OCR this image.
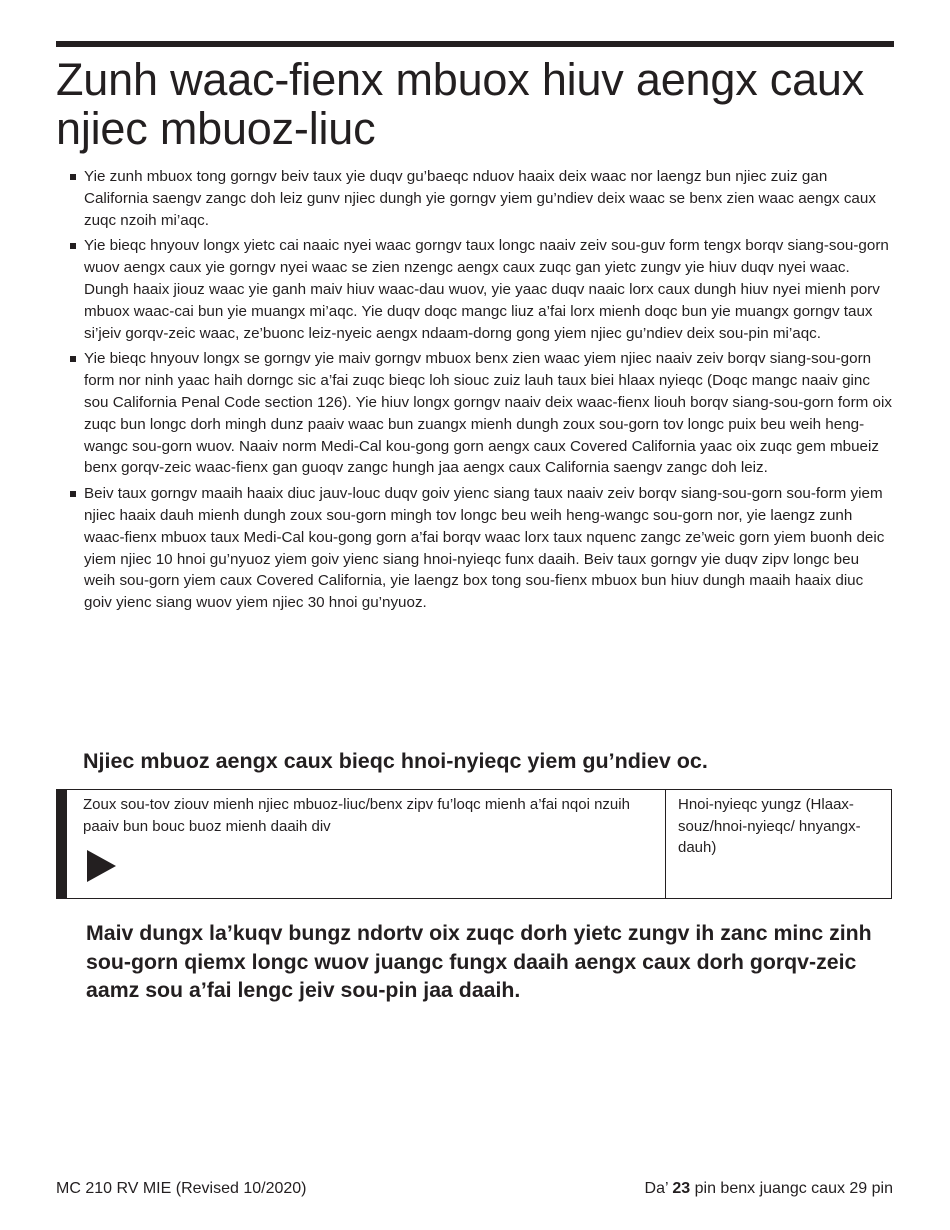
Zunh waac-fienx mbuox hiuv aengx caux njiec mbuoz-liuc
Yie zunh mbuox tong gorngv beiv taux yie duqv gu’baeqc nduov haaix deix waac nor laengz bun njiec zuiz gan California saengv zangc doh leiz gunv njiec dungh yie gorngv yiem gu’ndiev deix waac se benx zien waac aengx caux zuqc nzoih mi’aqc.
Yie bieqc hnyouv longx yietc cai naaic nyei waac gorngv taux longc naaiv zeiv sou-guv form tengx borqv siang-sou-gorn wuov aengx caux yie gorngv nyei waac se zien nzengc aengx caux zuqc gan yietc zungv yie hiuv duqv nyei waac. Dungh haaix jiouz waac yie ganh maiv hiuv waac-dau wuov, yie yaac duqv naaic lorx caux dungh hiuv nyei mienh porv mbuox waac-cai bun yie muangx mi’aqc. Yie duqv doqc mangc liuz a’fai lorx mienh doqc bun yie muangx gorngv taux si’jeiv gorqv-zeic waac, ze’buonc leiz-nyeic aengx ndaam-dorng gong yiem njiec gu’ndiev deix sou-pin mi’aqc.
Yie bieqc hnyouv longx se gorngv yie maiv gorngv mbuox benx zien waac yiem njiec naaiv zeiv borqv siang-sou-gorn form nor ninh yaac haih dorngc sic a’fai zuqc bieqc loh siouc zuiz lauh taux biei hlaax nyieqc (Doqc mangc naaiv ginc sou California Penal Code section 126). Yie hiuv longx gorngv naaiv deix waac-fienx liouh borqv siang-sou-gorn form oix zuqc bun longc dorh mingh dunz paaiv waac bun zuangx mienh dungh zoux sou-gorn tov longc puix beu weih heng-wangc sou-gorn wuov. Naaiv norm Medi-Cal kou-gong gorn aengx caux Covered California yaac oix zuqc gem mbueiz benx gorqv-zeic waac-fienx gan guoqv zangc hungh jaa aengx caux California saengv zangc doh leiz.
Beiv taux gorngv maaih haaix diuc jauv-louc duqv goiv yienc siang taux naaiv zeiv borqv siang-sou-gorn sou-form yiem njiec haaix dauh mienh dungh zoux sou-gorn mingh tov longc beu weih heng-wangc sou-gorn nor, yie laengz zunh waac-fienx mbuox taux Medi-Cal kou-gong gorn a’fai borqv waac lorx taux nquenc zangc ze’weic gorn yiem buonh deic yiem njiec 10 hnoi gu’nyuoz yiem goiv yienc siang hnoi-nyieqc funx daaih. Beiv taux gorngv yie duqv zipv longc beu weih sou-gorn yiem caux Covered California, yie laengz box tong sou-fienx mbuox bun hiuv dungh maaih haaix diuc goiv yienc siang wuov yiem njiec 30 hnoi gu’nyuoz.
Njiec mbuoz aengx caux bieqc hnoi-nyieqc yiem gu’ndiev oc.
Zoux sou-tov ziouv mienh njiec mbuoz-liuc/benx zipv fu’loqc mienh a’fai nqoi nzuih paaiv bun bouc buoz mienh daaih div
Hnoi-nyieqc yungz (Hlaax-souz/hnoi-nyieqc/ hnyangx-dauh)

Maiv dungx la’kuqv bungz ndortv oix zuqc dorh yietc zungv ih zanc minc zinh sou-gorn qiemx longc wuov juangc fungx daaih aengx caux dorh gorqv-zeic aamz sou a’fai lengc jeiv sou-pin jaa daaih.

MC 210 RV MIE (Revised 10/2020)	Da’ 23 pin benx juangc caux 29 pin
